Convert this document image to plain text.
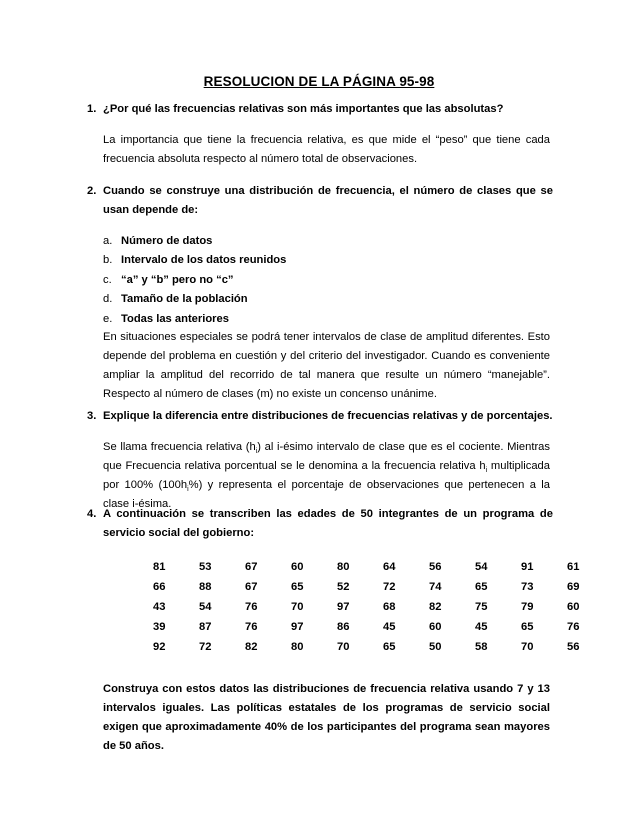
RESOLUCION DE LA PÁGINA 95-98
1. ¿Por qué las frecuencias relativas son más importantes que las absolutas?
La importancia que tiene la frecuencia relativa, es que mide el “peso” que tiene cada frecuencia absoluta respecto al número total de observaciones.
2. Cuando se construye una distribución de frecuencia, el número de clases que se usan depende de:
a. Número de datos
b. Intervalo de los datos reunidos
c. “a” y “b” pero no “c”
d. Tamaño de la población
e. Todas las anteriores
En situaciones especiales se podrá tener intervalos de clase de amplitud diferentes. Esto depende del problema en cuestión y del criterio del investigador. Cuando es conveniente ampliar la amplitud del recorrido de tal manera que resulte un número “manejable”. Respecto al número de clases (m) no existe un concenso unánime.
3. Explique la diferencia entre distribuciones de frecuencias relativas y de porcentajes.
Se llama frecuencia relativa $(h_i)$ al i-ésimo intervalo de clase que es el cociente. Mientras que Frecuencia relativa porcentual se le denomina a la frecuencia relativa $h_i$ multiplicada por 100% $(100h_i\%)$ y representa el porcentaje de observaciones que pertenecen a la clase i-ésima.
4. A continuación se transcriben las edades de 50 integrantes de un programa de servicio social del gobierno:
81	53	67	60	80	64	56	54	91	61
66	88	67	65	52	72	74	65	73	69
43	54	76	70	97	68	82	75	79	60
39	87	76	97	86	45	60	45	65	76
92	72	82	80	70	65	50	58	70	56
Construya con estos datos las distribuciones de frecuencia relativa usando 7 y 13 intervalos iguales. Las políticas estatales de los programas de servicio social exigen que aproximadamente 40% de los participantes del programa sean mayores de 50 años.
